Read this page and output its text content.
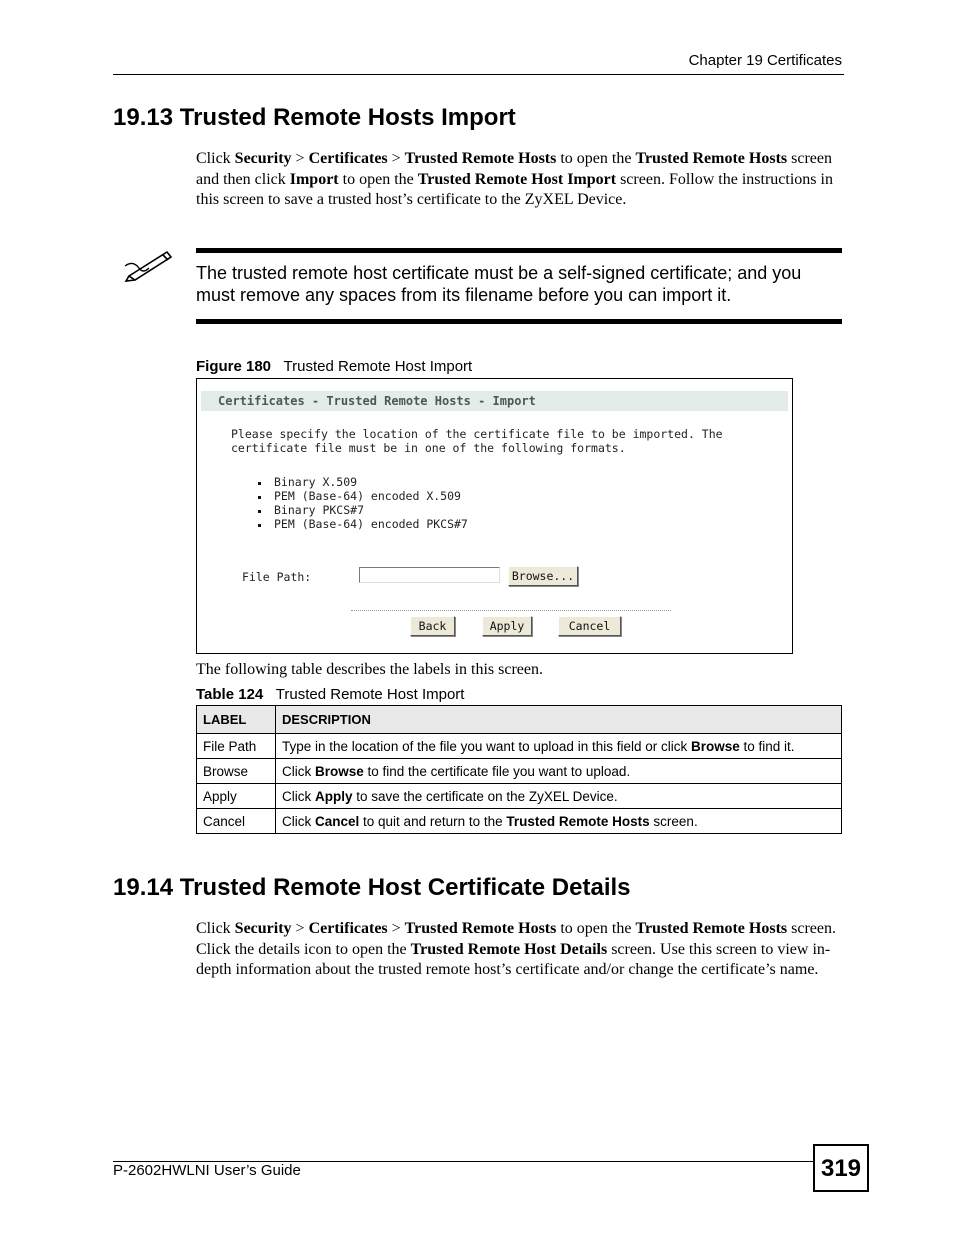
Chapter 19 Certificates
19.13 Trusted Remote Hosts Import
Click Security > Certificates > Trusted Remote Hosts to open the Trusted Remote Hosts screen and then click Import to open the Trusted Remote Host Import screen. Follow the instructions in this screen to save a trusted host’s certificate to the ZyXEL Device.
The trusted remote host certificate must be a self-signed certificate; and you must remove any spaces from its filename before you can import it.
Figure 180 Trusted Remote Host Import
Certificates - Trusted Remote Hosts - Import
Please specify the location of the certificate file to be imported. The certificate file must be in one of the following formats.
Binary X.509
PEM (Base-64) encoded X.509
Binary PKCS#7
PEM (Base-64) encoded PKCS#7
File Path:	Browse...
Back	Apply	Cancel
The following table describes the labels in this screen.
Table 124 Trusted Remote Host Import
LABEL	DESCRIPTION
File Path	Type in the location of the file you want to upload in this field or click Browse to find it.
Browse	Click Browse to find the certificate file you want to upload.
Apply	Click Apply to save the certificate on the ZyXEL Device.
Cancel	Click Cancel to quit and return to the Trusted Remote Hosts screen.
19.14 Trusted Remote Host Certificate Details
Click Security > Certificates > Trusted Remote Hosts to open the Trusted Remote Hosts screen. Click the details icon to open the Trusted Remote Host Details screen. Use this screen to view in-depth information about the trusted remote host’s certificate and/or change the certificate’s name.
P-2602HWLNI User’s Guide	319
